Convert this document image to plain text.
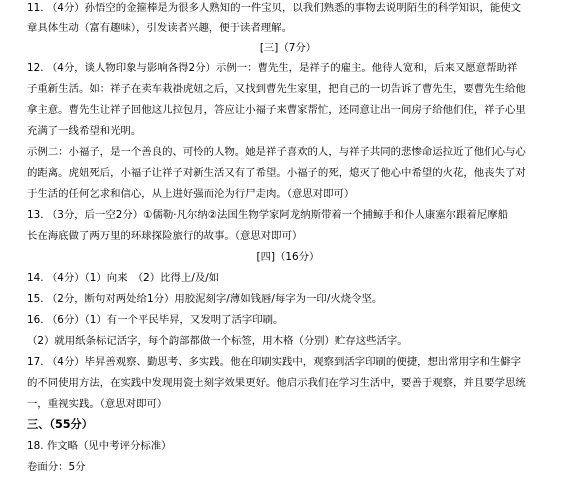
11. （4分）孙悟空的金箍棒是为很多人熟知的一件宝贝，以我们熟悉的事物去说明陌生的科学知识，能使文
章具体生动（富有趣味），引发读者兴趣，便于读者理解。
[三]（7分）
12. （4分，谈人物印象与影响各得2分）示例一：曹先生，是祥子的雇主。他待人宽和，后来又愿意帮助祥
子重新生活。如：祥子在卖车栽褂虎妞之后，又找到曹先生家里，把自己的一切告诉了曹先生，要曹先生给他
拿主意。曹先生让祥子回他这儿拉包月，答应让小福子来曹家帮忙，还同意让出一间房子给他们住，祥子心里
充满了一线希望和光明。
示例二：小福子，是一个善良的、可怜的人物。她是祥子喜欢的人，与祥子共同的悲惨命运拉近了他们心与心
的距离。虎妞死后，小福子让祥子对新生活又有了希望。小福子的死，熄灭了他心中希望的火花，他丧失了对
于生活的任何乞求和信心，从上进好强而沦为行尸走肉。（意思对即可）
13. （3分，后一空2分）①儒勒·凡尔纳②法国生物学家阿龙纳斯带着一个捕鲸手和仆人康塞尔跟着尼摩船
长在海底做了两万里的环球探险旅行的故事。（意思对即可）
[四]（16分）
14. （4分）（1）向来　（2）比得上/及/如
15. （2分，断句对两处给1分）用胶泥刻字/薄如钱唇/每字为一印/火烧令坚。
16. （6分）（1）有一个平民毕昇，又发明了活字印刷。
（2）就用纸条标记活字，每个韵部都做一个标签，用木格（分别）贮存这些活字。
17. （4分）毕昇善观察、勤思考、多实践。他在印刷实践中，观察到活字印刷的便捷，想出常用字和生僻字
的不同使用方法，在实践中发现用瓷土刻字效果更好。他启示我们在学习生活中，要善于观察，并且要学思统
一，重视实践。（意思对即可）
三、（55分）
18. 作文略（见中考评分标准）
卷面分：5分
